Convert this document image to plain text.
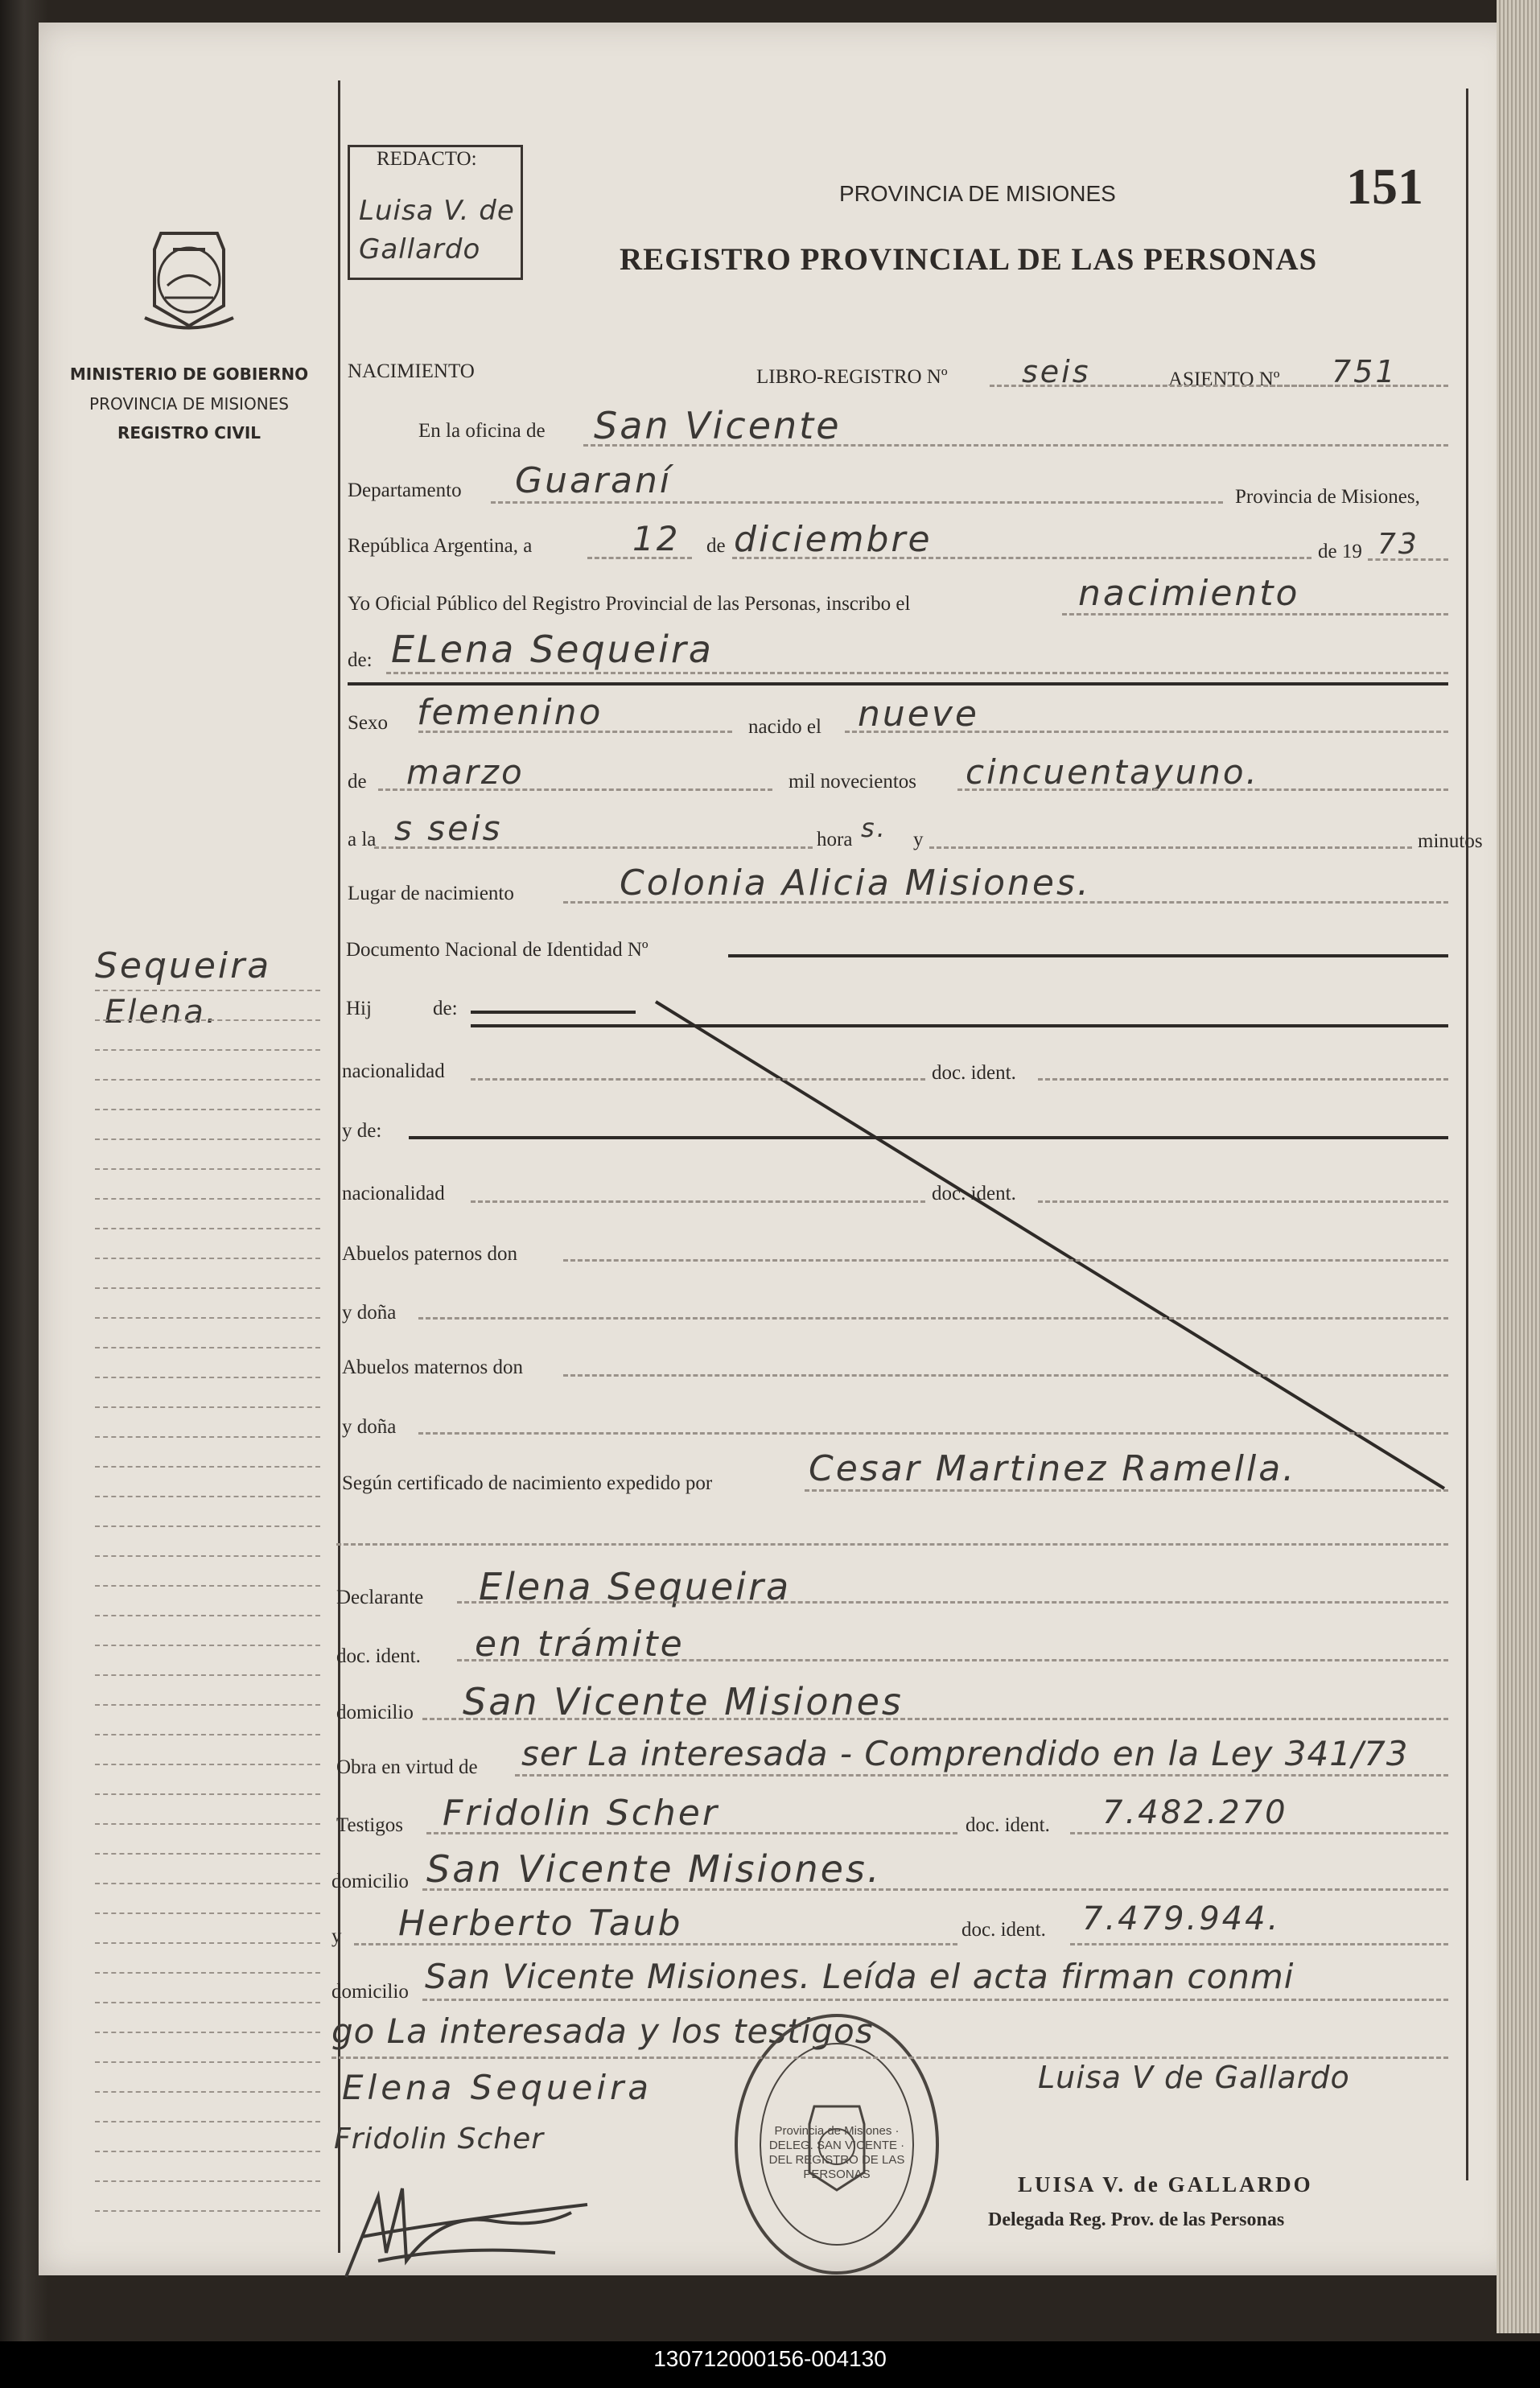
MINISTERIO DE GOBIERNO
PROVINCIA DE MISIONES
REGISTRO CIVIL
Sequeira
Elena.
REDACTO:
Luisa V. de Gallardo
PROVINCIA DE MISIONES
REGISTRO PROVINCIAL DE LAS PERSONAS
151
NACIMIENTO	LIBRO-REGISTRO Nº seis	ASIENTO Nº 751
En la oficina de San Vicente
Departamento Guaraní	Provincia de Misiones,
República Argentina, a	12 de diciembre	de 19 73
Yo Oficial Público del Registro Provincial de las Personas, inscribo el	nacimiento
de: ELena Sequeira
Sexo femenino	nacido el nueve
de marzo	mil novecientos cincuentayuno.
a la s seis	hora s. y	minutos
Lugar de nacimiento	Colonia Alicia Misiones.
Documento Nacional de Identidad Nº
Hij	de:
nacionalidad	doc. ident.
y de:
nacionalidad	doc. ident.
Abuelos paternos don
y doña
Abuelos maternos don
y doña
Según certificado de nacimiento expedido por	Cesar Martinez Ramella.
Declarante Elena Sequeira
doc. ident. en trámite
domicilio San Vicente Misiones
Obra en virtud de ser La interesada - Comprendido en la Ley 341/73
Testigos Fridolin Scher	doc. ident. 7.482.270
domicilio San Vicente Misiones.
y Herberto Taub	doc. ident. 7.479.944.
domicilio San Vicente Misiones. Leída el acta firman conmi
go La interesada y los testigos
Elena Sequeira
Fridolin Scher
Luisa V de Gallardo
LUISA V. de GALLARDO
Delegada Reg. Prov. de las Personas
Provincia de Misiones · DELEG. SAN VICENTE · DEL REGISTRO DE LAS PERSONAS
130712000156-004130
